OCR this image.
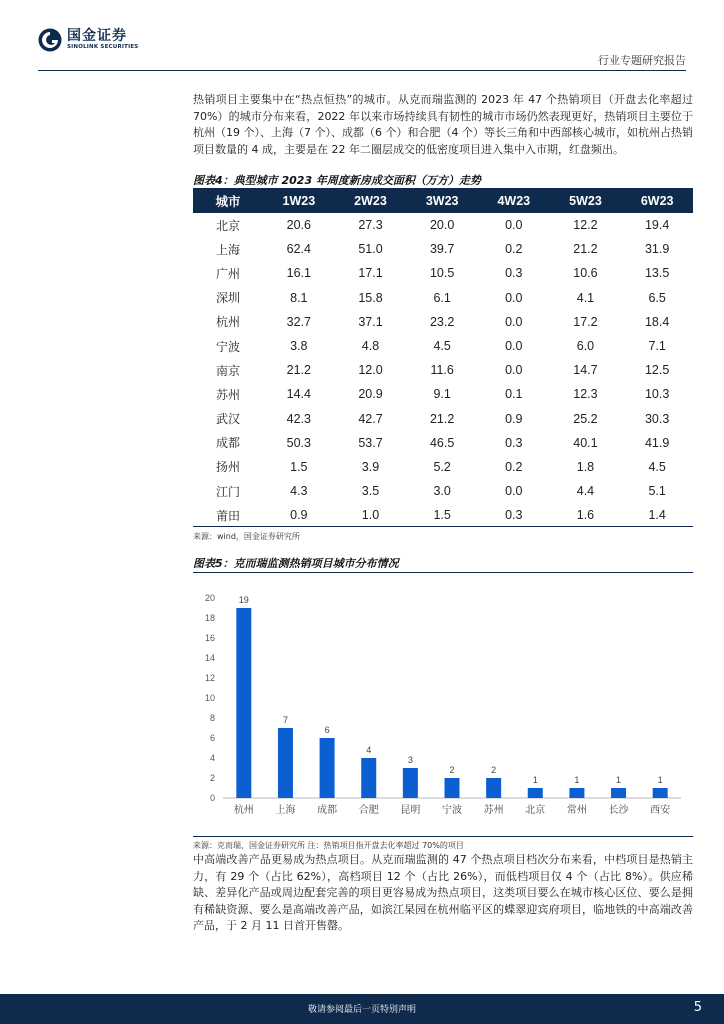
国金证券
SINOLINK SECURITIES
行业专题研究报告

热销项目主要集中在“热点恒热”的城市。从克而瑞监测的 2023 年 47 个热销项目（开盘去化率超过 70%）的城市分布来看，2022 年以来市场持续具有韧性的城市市场仍然表现更好，热销项目主要位于杭州（19 个）、上海（7 个）、成都（6 个）和合肥（4 个）等长三角和中西部核心城市，如杭州占热销项目数量的 4 成，主要是在 22 年二圈层成交的低密度项目进入集中入市期，红盘频出。

图表4：典型城市 2023 年周度新房成交面积（万方）走势
城市	1W23	2W23	3W23	4W23	5W23	6W23
北京	20.6	27.3	20.0	0.0	12.2	19.4
上海	62.4	51.0	39.7	0.2	21.2	31.9
广州	16.1	17.1	10.5	0.3	10.6	13.5
深圳	8.1	15.8	6.1	0.0	4.1	6.5
杭州	32.7	37.1	23.2	0.0	17.2	18.4
宁波	3.8	4.8	4.5	0.0	6.0	7.1
南京	21.2	12.0	11.6	0.0	14.7	12.5
苏州	14.4	20.9	9.1	0.1	12.3	10.3
武汉	42.3	42.7	21.2	0.9	25.2	30.3
成都	50.3	53.7	46.5	0.3	40.1	41.9
扬州	1.5	3.9	5.2	0.2	1.8	4.5
江门	4.3	3.5	3.0	0.0	4.4	5.1
莆田	0.9	1.0	1.5	0.3	1.6	1.4
来源：wind，国金证券研究所
图表5：克而瑞监测热销项目城市分布情况
0
2
4
6
8
10
12
14
16
18
20	19
杭州
7
上海
6
成都
4
合肥
3
昆明
2
宁波
2
苏州
1
北京
1
常州
1
长沙
1
西安
来源：克而瑞，国金证券研究所 注：热销项目指开盘去化率超过 70%的项目

中高端改善产品更易成为热点项目。从克而瑞监测的 47 个热点项目档次分布来看，中档项目是热销主力，有 29 个（占比 62%），高档项目 12 个（占比 26%），而低档项目仅 4 个（占比 8%）。供应稀缺、差异化产品或周边配套完善的项目更容易成为热点项目，这类项目要么在城市核心区位、要么是拥有稀缺资源、要么是高端改善产品，如滨江杲园在杭州临平区的蝶翠迎宾府项目，临地铁的中高端改善产品，于 2 月 11 日首开售罄。

敬请参阅最后一页特别声明	5
